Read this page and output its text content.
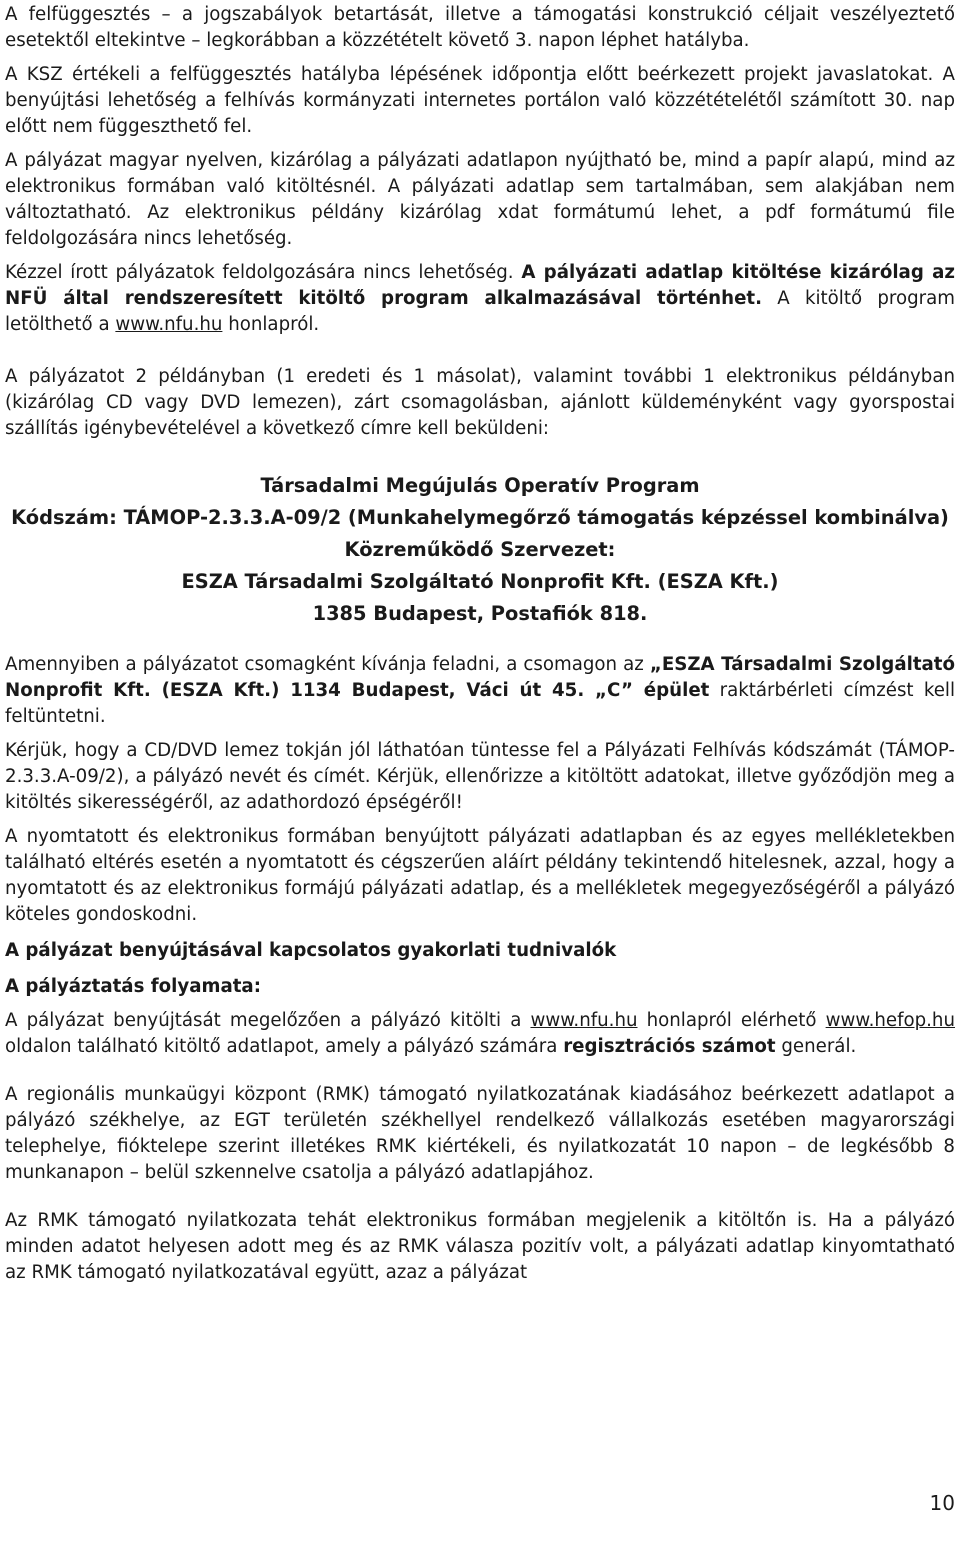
A felfüggesztés – a jogszabályok betartását, illetve a támogatási konstrukció céljait veszélyeztető esetektől eltekintve – legkorábban a közzétételt követő 3. napon léphet hatályba.

A KSZ értékeli a felfüggesztés hatályba lépésének időpontja előtt beérkezett projekt javaslatokat. A benyújtási lehetőség a felhívás kormányzati internetes portálon való közzétételétől számított 30. nap előtt nem függeszthető fel.

A pályázat magyar nyelven, kizárólag a pályázati adatlapon nyújtható be, mind a papír alapú, mind az elektronikus formában való kitöltésnél. A pályázati adatlap sem tartalmában, sem alakjában nem változtatható. Az elektronikus példány kizárólag xdat formátumú lehet, a pdf formátumú file feldolgozására nincs lehetőség.

Kézzel írott pályázatok feldolgozására nincs lehetőség. A pályázati adatlap kitöltése kizárólag az NFÜ által rendszeresített kitöltő program alkalmazásával történhet. A kitöltő program letölthető a www.nfu.hu honlapról.

A pályázatot 2 példányban (1 eredeti és 1 másolat), valamint további 1 elektronikus példányban (kizárólag CD vagy DVD lemezen), zárt csomagolásban, ajánlott küldeményként vagy gyorspostai szállítás igénybevételével a következő címre kell beküldeni:

Társadalmi Megújulás Operatív Program

Kódszám: TÁMOP-2.3.3.A-09/2 (Munkahelymegőrző támogatás képzéssel kombinálva)

Közreműködő Szervezet:

ESZA Társadalmi Szolgáltató Nonprofit Kft. (ESZA Kft.)

1385 Budapest, Postafiók 818.

Amennyiben a pályázatot csomagként kívánja feladni, a csomagon az „ESZA Társadalmi Szolgáltató Nonprofit Kft. (ESZA Kft.) 1134 Budapest, Váci út 45. „C” épület raktárbérleti címzést kell feltüntetni.

Kérjük, hogy a CD/DVD lemez tokján jól láthatóan tüntesse fel a Pályázati Felhívás kódszámát (TÁMOP-2.3.3.A-09/2), a pályázó nevét és címét. Kérjük, ellenőrizze a kitöltött adatokat, illetve győződjön meg a kitöltés sikerességéről, az adathordozó épségéről!

A nyomtatott és elektronikus formában benyújtott pályázati adatlapban és az egyes mellékletekben található eltérés esetén a nyomtatott és cégszerűen aláírt példány tekintendő hitelesnek, azzal, hogy a nyomtatott és az elektronikus formájú pályázati adatlap, és a mellékletek megegyezőségéről a pályázó köteles gondoskodni.

A pályázat benyújtásával kapcsolatos gyakorlati tudnivalók

A pályáztatás folyamata:

A pályázat benyújtását megelőzően a pályázó kitölti a www.nfu.hu honlapról elérhető www.hefop.hu oldalon található kitöltő adatlapot, amely a pályázó számára regisztrációs számot generál.

A regionális munkaügyi központ (RMK) támogató nyilatkozatának kiadásához beérkezett adatlapot a pályázó székhelye, az EGT területén székhellyel rendelkező vállalkozás esetében magyarországi telephelye, fióktelepe szerint illetékes RMK kiértékeli, és nyilatkozatát 10 napon – de legkésőbb 8 munkanapon – belül szkennelve csatolja a pályázó adatlapjához.

Az RMK támogató nyilatkozata tehát elektronikus formában megjelenik a kitöltőn is. Ha a pályázó minden adatot helyesen adott meg és az RMK válasza pozitív volt, a pályázati adatlap kinyomtatható az RMK támogató nyilatkozatával együtt, azaz a pályázat

10
